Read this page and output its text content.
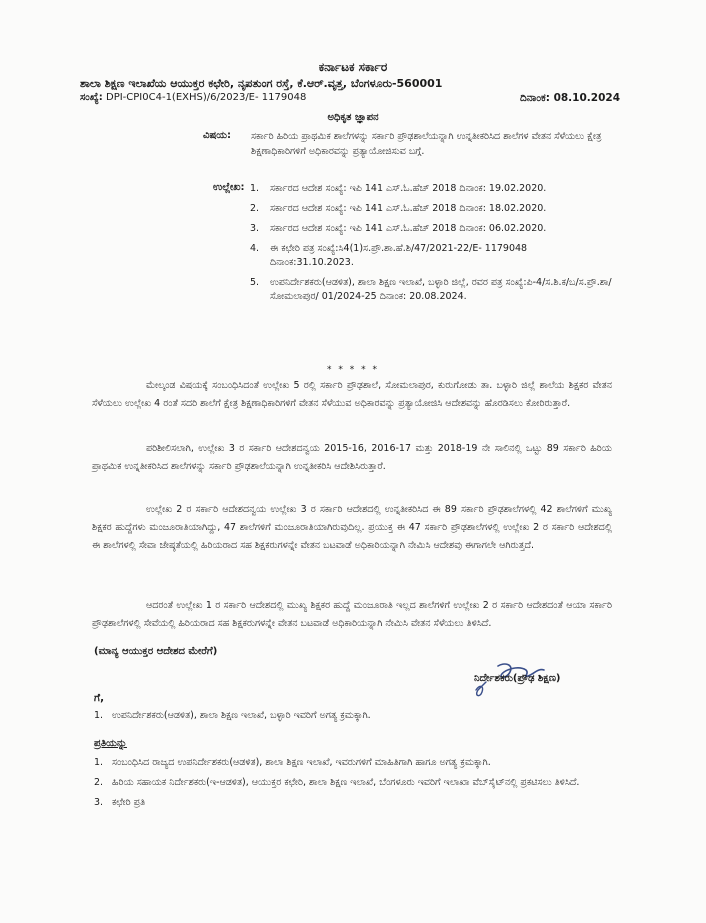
ಕರ್ನಾಟಕ ಸರ್ಕಾರ
ಶಾಲಾ ಶಿಕ್ಷಣ ಇಲಾಖೆಯ ಆಯುಕ್ತರ ಕಛೇರಿ, ನೃಪತುಂಗ ರಸ್ತೆ, ಕೆ.ಆರ್.ವೃತ್ತ, ಬೆಂಗಳೂರು-560001
ಸಂಖ್ಯೆ: DPI-CPI0C4-1(EXHS)/6/2023/E- 1179048	ದಿನಾಂಕ: 08.10.2024
ಅಧಿಕೃತ ಜ್ಞಾಪನ
ವಿಷಯ: ಸರ್ಕಾರಿ ಹಿರಿಯ ಪ್ರಾಥಮಿಕ ಶಾಲೆಗಳನ್ನು ಸರ್ಕಾರಿ ಪ್ರೌಢಶಾಲೆಯನ್ನಾಗಿ ಉನ್ನತೀಕರಿಸಿದ ಶಾಲೆಗಳ ವೇತನ ಸೆಳೆಯಲು ಕ್ಷೇತ್ರ ಶಿಕ್ಷಣಾಧಿಕಾರಿಗಳಿಗೆ ಅಧಿಕಾರವನ್ನು ಪ್ರತ್ಯಾಯೋಜಿಸುವ ಬಗ್ಗೆ.
ಉಲ್ಲೇಖ: 1. ಸರ್ಕಾರದ ಆದೇಶ ಸಂಖ್ಯೆ: ಇಪಿ 141 ಎಸ್.ಓ.ಹೆಚ್ 2018 ದಿನಾಂಕ: 19.02.2020.
2. ಸರ್ಕಾರದ ಆದೇಶ ಸಂಖ್ಯೆ: ಇಪಿ 141 ಎಸ್.ಓ.ಹೆಚ್ 2018 ದಿನಾಂಕ: 18.02.2020.
3. ಸರ್ಕಾರದ ಆದೇಶ ಸಂಖ್ಯೆ: ಇಪಿ 141 ಎಸ್.ಓ.ಹೆಚ್ 2018 ದಿನಾಂಕ: 06.02.2020.
4. ಈ ಕಛೇರಿ ಪತ್ರ ಸಂಖ್ಯೆ:ಸಿ4(1)ಸ.ಪ್ರೌ.ಶಾ.ಹೆ.ಶಿ/47/2021-22/E- 1179048 ದಿನಾಂಕ:31.10.2023.
5. ಉಪನಿರ್ದೇಶಕರು(ಆಡಳಿತ), ಶಾಲಾ ಶಿಕ್ಷಣ ಇಲಾಖೆ, ಬಳ್ಳಾರಿ ಜಿಲ್ಲೆ, ರವರ ಪತ್ರ ಸಂಖ್ಯೆ:ಪಿ-4/ಸ.ಶಿ.ಕ/ಬ/ಸ.ಪ್ರೌ.ಶಾ/ಸೋಮಲಾಪುರ/ 01/2024-25 ದಿನಾಂಕ: 20.08.2024.
* * * * *

ಮೇಲ್ಕಂಡ ವಿಷಯಕ್ಕೆ ಸಂಬಂಧಿಸಿದಂತೆ ಉಲ್ಲೇಖ 5 ರಲ್ಲಿ ಸರ್ಕಾರಿ ಪ್ರೌಢಶಾಲೆ, ಸೋಮಲಾಪುರ, ಕುರುಗೋಡು ತಾ. ಬಳ್ಳಾರಿ ಜಿಲ್ಲೆ ಶಾಲೆಯ ಶಿಕ್ಷಕರ ವೇತನ ಸೆಳೆಯಲು ಉಲ್ಲೇಖ 4 ರಂತೆ ಸದರಿ ಶಾಲೆಗೆ ಕ್ಷೇತ್ರ ಶಿಕ್ಷಣಾಧಿಕಾರಿಗಳಿಗೆ ವೇತನ ಸೆಳೆಯುವ ಅಧಿಕಾರವನ್ನು ಪ್ರತ್ಯಾಯೋಜಿಸಿ ಆದೇಶವನ್ನು ಹೊರಡಿಸಲು ಕೋರಿರುತ್ತಾರೆ.

ಪರಿಶೀಲಿಸಲಾಗಿ, ಉಲ್ಲೇಖ 3 ರ ಸರ್ಕಾರಿ ಆದೇಶದನ್ವಯ 2015-16, 2016-17 ಮತ್ತು 2018-19 ನೇ ಸಾಲಿನಲ್ಲಿ ಒಟ್ಟು 89 ಸರ್ಕಾರಿ ಹಿರಿಯ ಪ್ರಾಥಮಿಕ ಉನ್ನತೀಕರಿಸಿದ ಶಾಲೆಗಳನ್ನು ಸರ್ಕಾರಿ ಪ್ರೌಢಶಾಲೆಯನ್ನಾಗಿ ಉನ್ನತೀಕರಿಸಿ ಆದೇಶಿಸಿರುತ್ತಾರೆ.

ಉಲ್ಲೇಖ 2 ರ ಸರ್ಕಾರಿ ಆದೇಶದನ್ವಯ ಉಲ್ಲೇಖ 3 ರ ಸರ್ಕಾರಿ ಆದೇಶದಲ್ಲಿ ಉನ್ನತೀಕರಿಸಿದ ಈ 89 ಸರ್ಕಾರಿ ಪ್ರೌಢಶಾಲೆಗಳಲ್ಲಿ 42 ಶಾಲೆಗಳಿಗೆ ಮುಖ್ಯ ಶಿಕ್ಷಕರ ಹುದ್ದೆಗಳು ಮಂಜೂರಾತಿಯಾಗಿದ್ದು, 47 ಶಾಲೆಗಳಿಗೆ ಮಂಜೂರಾತಿಯಾಗಿರುವುದಿಲ್ಲ. ಪ್ರಯುಕ್ತ ಈ 47 ಸರ್ಕಾರಿ ಪ್ರೌಢಶಾಲೆಗಳಲ್ಲಿ ಉಲ್ಲೇಖ 2 ರ ಸರ್ಕಾರಿ ಆದೇಶದಲ್ಲಿ ಈ ಶಾಲೆಗಳಲ್ಲಿ ಸೇವಾ ಜೇಷ್ಠತೆಯಲ್ಲಿ ಹಿರಿಯರಾದ ಸಹ ಶಿಕ್ಷಕರುಗಳನ್ನೇ ವೇತನ ಬಟವಾಡೆ ಅಧಿಕಾರಿಯನ್ನಾಗಿ ನೇಮಿಸಿ ಆದೇಶವು ಈಗಾಗಲೇ ಆಗಿರುತ್ತದೆ.

ಆದರಂತೆ ಉಲ್ಲೇಖ 1 ರ ಸರ್ಕಾರಿ ಆದೇಶದಲ್ಲಿ ಮುಖ್ಯ ಶಿಕ್ಷಕರ ಹುದ್ದೆ ಮಂಜೂರಾತಿ ಇಲ್ಲದ ಶಾಲೆಗಳಿಗೆ ಉಲ್ಲೇಖ 2 ರ ಸರ್ಕಾರಿ ಆದೇಶದಂತೆ ಆಯಾ ಸರ್ಕಾರಿ ಪ್ರೌಢಶಾಲೆಗಳಲ್ಲಿ ಸೇವೆಯಲ್ಲಿ ಹಿರಿಯರಾದ ಸಹ ಶಿಕ್ಷಕರುಗಳನ್ನೇ ವೇತನ ಬಟವಾಡೆ ಅಧಿಕಾರಿಯನ್ನಾಗಿ ನೇಮಿಸಿ ವೇತನ ಸೆಳೆಯಲು ತಿಳಿಸಿದೆ.

(ಮಾನ್ಯ ಆಯುಕ್ತರ ಆದೇಶದ ಮೇರೆಗೆ)
ನಿರ್ದೇಶಕರು(ಪ್ರೌಢ ಶಿಕ್ಷಣ)
ಗೆ,
1. ಉಪನಿರ್ದೇಶಕರು(ಆಡಳಿತ), ಶಾಲಾ ಶಿಕ್ಷಣ ಇಲಾಖೆ, ಬಳ್ಳಾರಿ ಇವರಿಗೆ ಅಗತ್ಯ ಕ್ರಮಕ್ಕಾಗಿ.
ಪ್ರತಿಯನ್ನು
1. ಸಂಬಂಧಿಸಿದ ರಾಜ್ಯದ ಉಪನಿರ್ದೇಶಕರು(ಆಡಳಿತ), ಶಾಲಾ ಶಿಕ್ಷಣ ಇಲಾಖೆ, ಇವರುಗಳಿಗೆ ಮಾಹಿತಿಗಾಗಿ ಹಾಗೂ ಅಗತ್ಯ ಕ್ರಮಕ್ಕಾಗಿ.
2. ಹಿರಿಯ ಸಹಾಯಕ ನಿರ್ದೇಶಕರು(ಇ-ಆಡಳಿತ), ಆಯುಕ್ತರ ಕಛೇರಿ, ಶಾಲಾ ಶಿಕ್ಷಣ ಇಲಾಖೆ, ಬೆಂಗಳೂರು ಇವರಿಗೆ ಇಲಾಖಾ ವೆಬ್‌ಸೈಟ್‌ನಲ್ಲಿ ಪ್ರಕಟಿಸಲು ತಿಳಿಸಿದೆ.
3. ಕಛೇರಿ ಪ್ರತಿ
